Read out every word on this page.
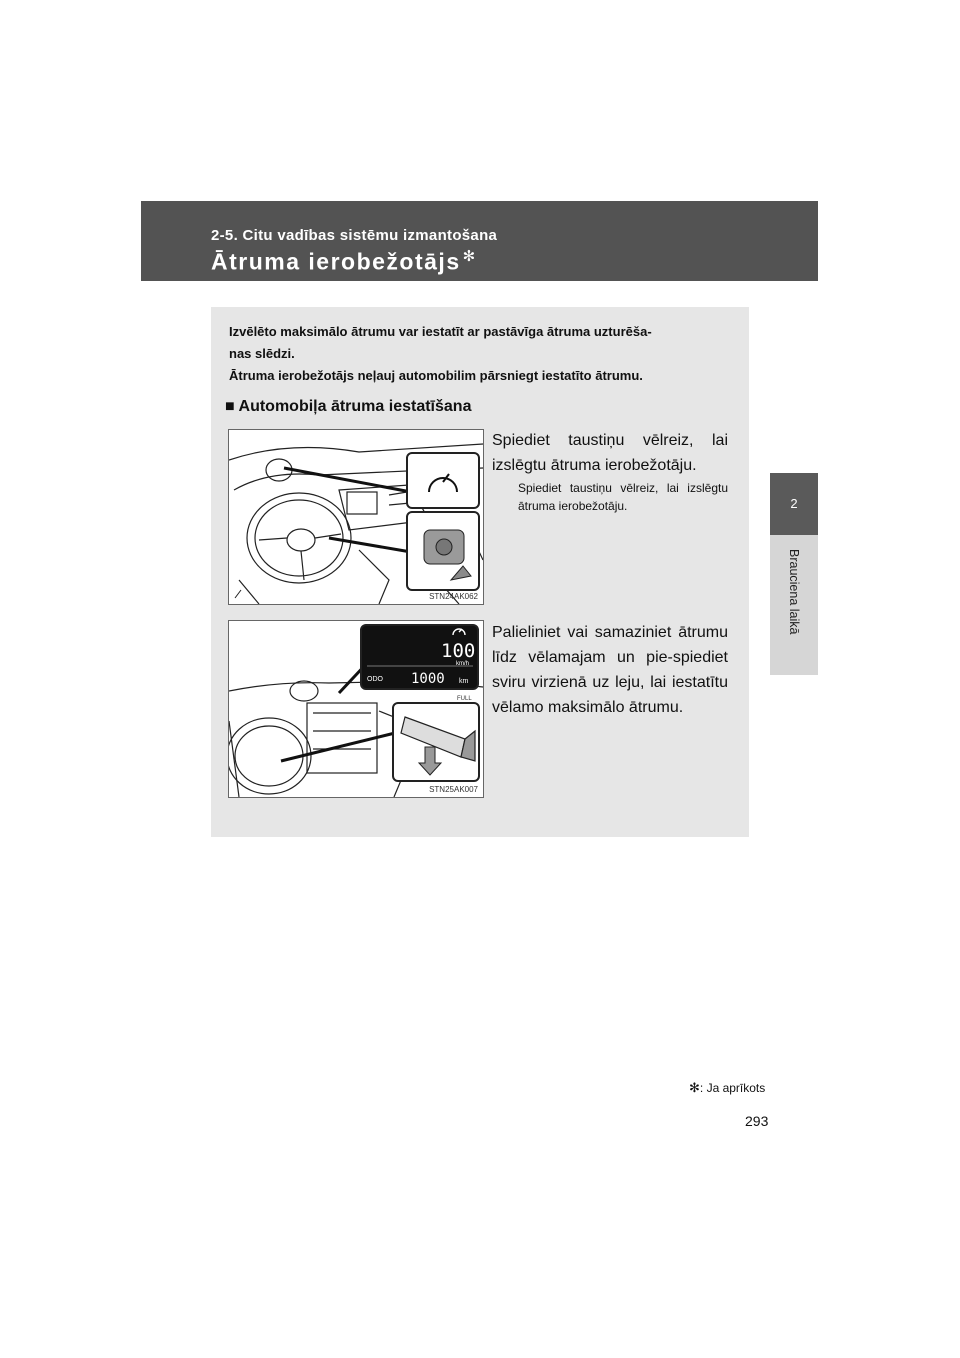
2-5. Citu vadības sistēmu izmantošana
Ātruma ierobežotājs ✻
2
Brauciena laikā

Izvēlēto maksimālo ātrumu var iestatīt ar pastāvīga ātruma uzturēša-

nas slēdzi.

Ātruma ierobežotājs neļauj automobilim pārsniegt iestatīto ātrumu.

■ Automobiļa ātruma iestatīšana
STN24AK062
Spiediet taustiņu vēlreiz, lai izslēgtu ātruma ierobežotāju.
Spiediet taustiņu vēlreiz, lai izslēgtu ātruma ierobežotāju.
100
km/h
ODO 1000 km
FULL
STN25AK007
Palieliniet vai samaziniet ātrumu līdz vēlamajam un pie-spiediet sviru virzienā uz leju, lai iestatītu vēlamo maksimālo ātrumu.
✻: Ja aprīkots
293
